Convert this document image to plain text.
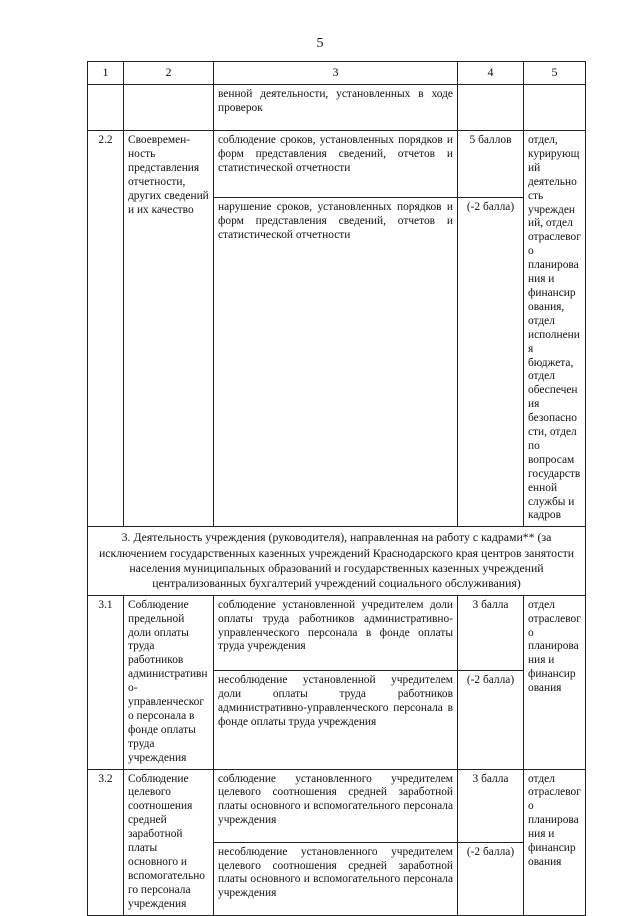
5
1	2	3	4	5
		венной деятельности, установленных в ходе проверок		
2.2	Своевремен-ность представления отчетности, других сведений и их качество	соблюдение сроков, установленных порядков и форм представления сведений, отчетов и статистической отчетности	5 баллов	отдел, курирующий деятельность учреждений, отдел отраслевого планирования и финансирования, отдел исполнения бюджета, отдел обеспечения безопасности, отдел по вопросам государственной службы и кадров
		нарушение сроков, установленных порядков и форм представления сведений, отчетов и статистической отчетности	(-2 балла)	
3. Деятельность учреждения (руководителя), направленная на работу с кадрами** (за исключением государственных казенных учреждений Краснодарского края центров занятости населения муниципальных образований и государственных казенных учреждений централизованных бухгалтерий учреждений социального обслуживания)				
3.1	Соблюдение предельной доли оплаты труда работников административно-управленческого персонала в фонде оплаты труда учреждения	соблюдение установленной учредителем доли оплаты труда работников административно-управленческого персонала в фонде оплаты труда учреждения	3 балла	отдел отраслевого планирования и финансирования
		несоблюдение установленной учредителем доли оплаты труда работников административно-управленческого персонала в фонде оплаты труда учреждения	(-2 балла)	
3.2	Соблюдение целевого соотношения средней заработной платы основного и вспомогательного персонала учреждения	соблюдение установленного учредителем целевого соотношения средней заработной платы основного и вспомогательного персонала учреждения	3 балла	отдел отраслевого планирования и финансирования
		несоблюдение установленного учредителем целевого соотношения средней заработной платы основного и вспомогательного персонала учреждения	(-2 балла)	
